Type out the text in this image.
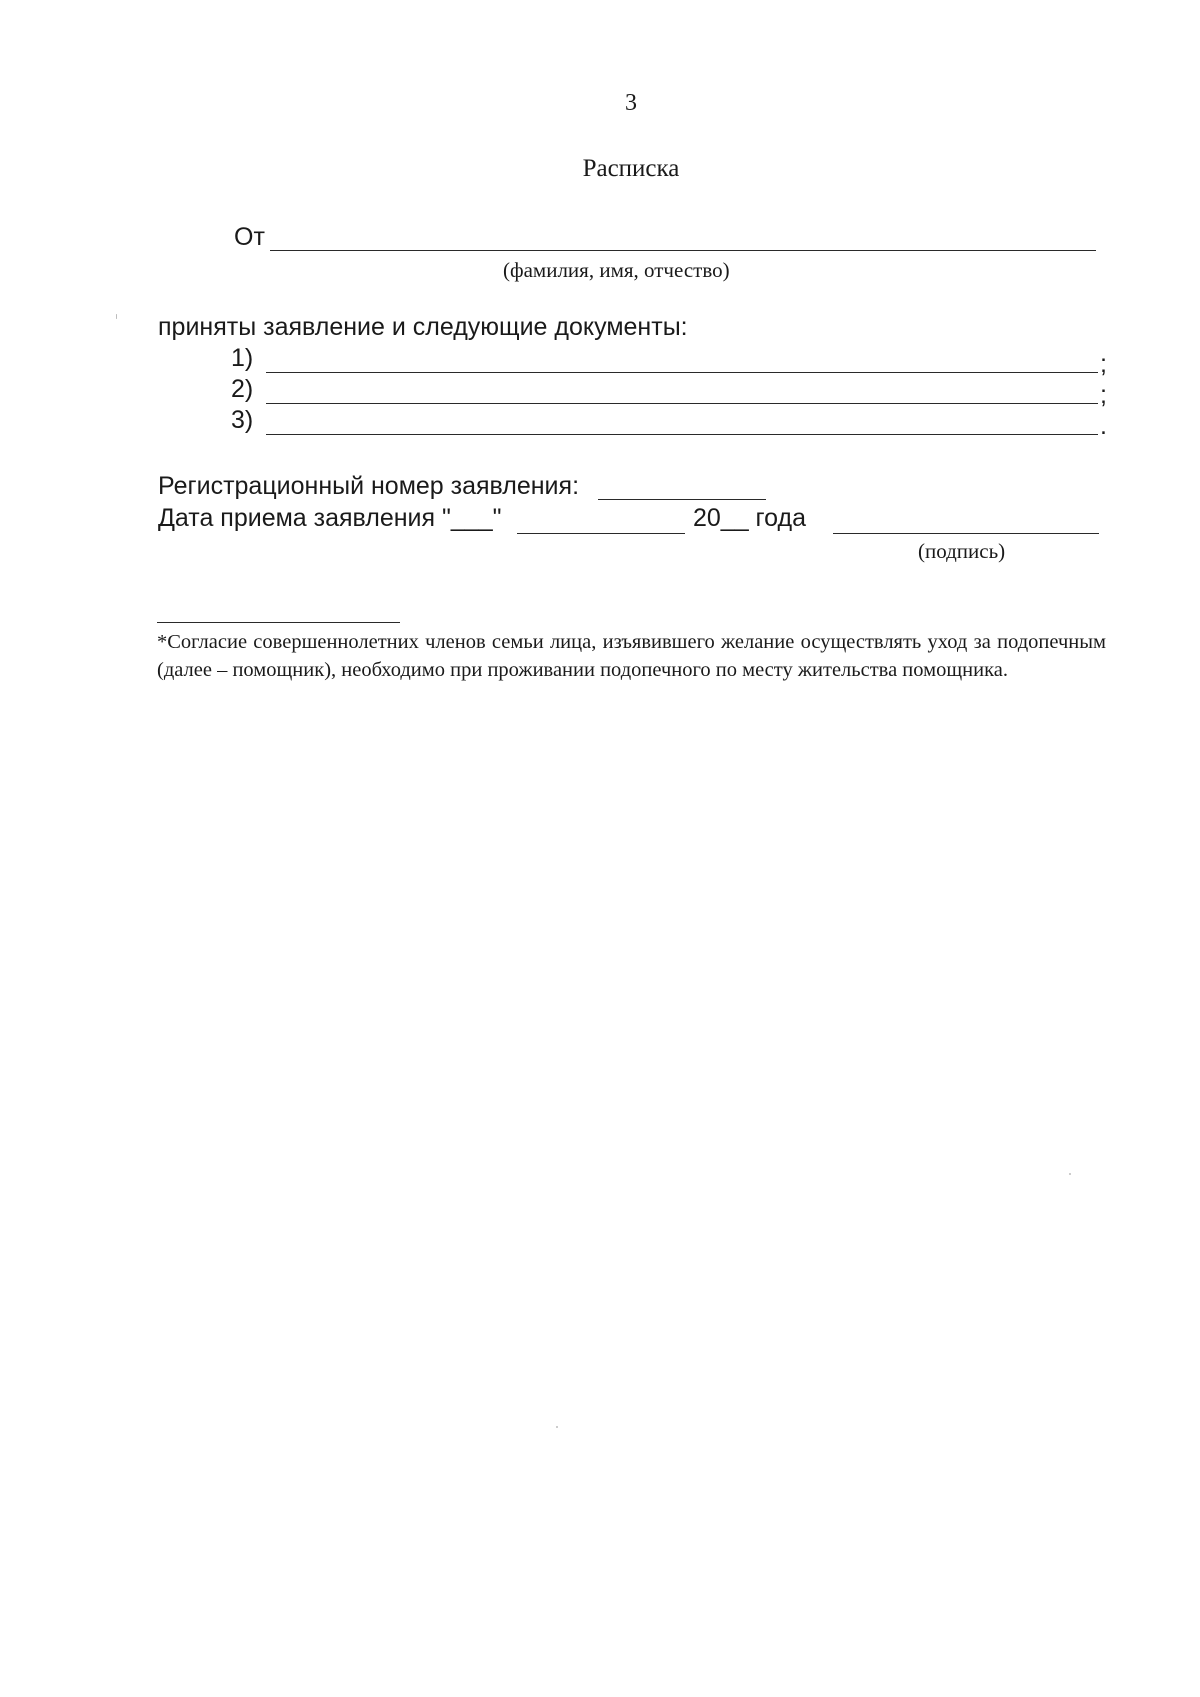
3
Расписка
От
(фамилия, имя, отчество)
приняты заявление и следующие документы:
1)	;
2)	;
3)	.
Регистрационный номер заявления:
Дата приема заявления "___"	20__ года
(подпись)
*Согласие совершеннолетних членов семьи лица, изъявившего желание осуществлять уход за подопечным (далее – помощник), необходимо при проживании подопечного по месту жительства помощника.
